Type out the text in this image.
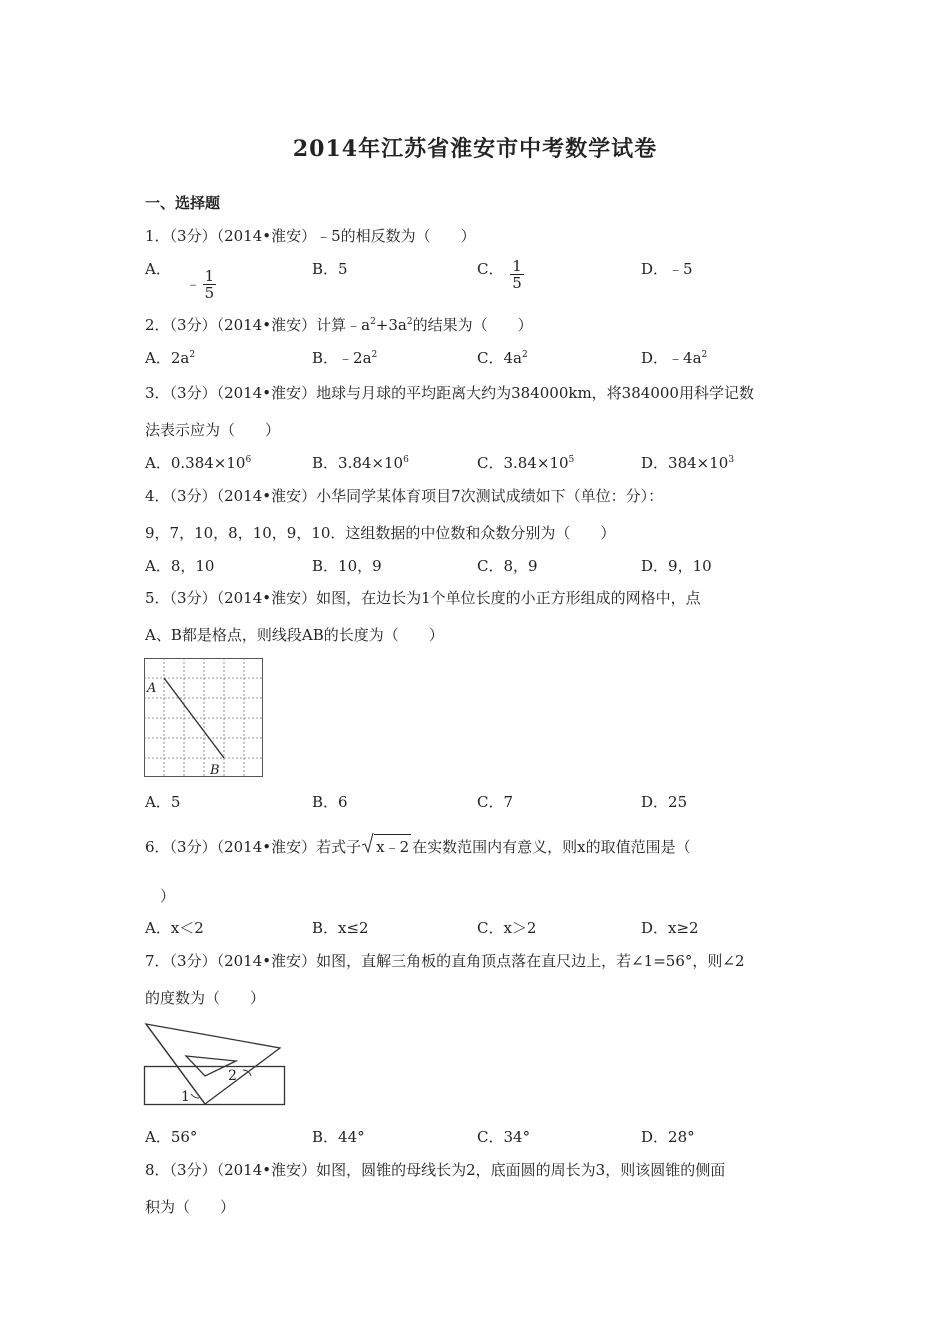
2014年江苏省淮安市中考数学试卷
一、选择题
1．（3分）（2014•淮安）﹣5的相反数为（　　）
A． ﹣ $\frac{1}{5}$	B．5	C． $\frac{1}{5}$	D．﹣5
2．（3分）（2014•淮安）计算$﹣a^2+3a^2$的结果为（　　）
A．$2a^2$	B．$﹣2a^2$	C．$4a^2$	D．$﹣4a^2$
3．（3分）（2014•淮安）地球与月球的平均距离大约为384000km，将384000用科学记数
法表示应为（　　）
A．$0.384\times 10^6$	B．$3.84\times 10^6$	C．$3.84\times 10^5$	D．$384\times 10^3$
4．（3分）（2014•淮安）小华同学某体育项目7次测试成绩如下（单位：分）：
9，7，10，8，10，9，10．这组数据的中位数和众数分别为（　　）
A．8，10	B．10，9	C．8，9	D．9，10
5．（3分）（2014•淮安）如图，在边长为1个单位长度的小正方形组成的网格中，点
A、B都是格点，则线段AB的长度为（　　）
A
B
A．5	B．6	C．7	D．25
6．（3分）（2014•淮安）若式子 x﹣2 在实数范围内有意义，则x的取值范围是（
）
A．x＜2	B．x≤2	C．x＞2	D．x≥2
7．（3分）（2014•淮安）如图，直解三角板的直角顶点落在直尺边上，若∠1=56°，则∠2
的度数为（　　）
1
2
A．56°	B．44°	C．34°	D．28°
8．（3分）（2014•淮安）如图，圆锥的母线长为2，底面圆的周长为3，则该圆锥的侧面
积为（　　）
